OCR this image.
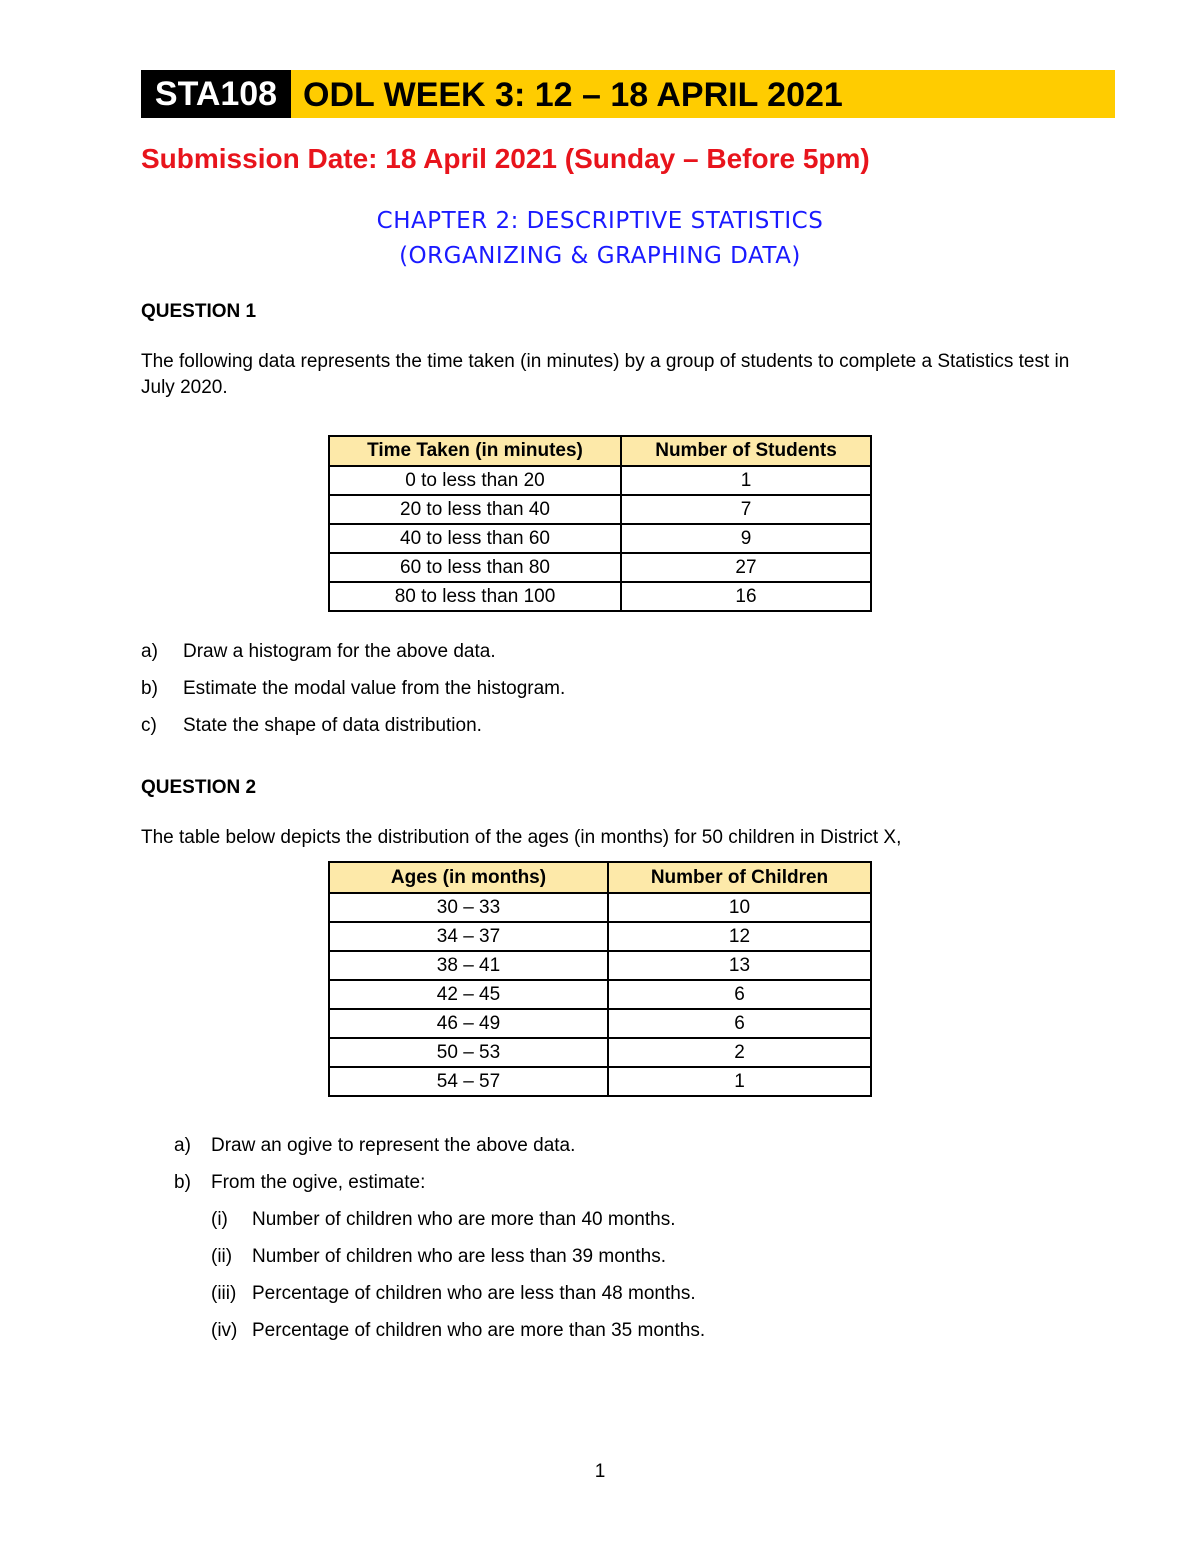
STA108 ODL WEEK 3: 12 – 18 APRIL 2021
Submission Date: 18 April 2021 (Sunday – Before 5pm)
CHAPTER 2: DESCRIPTIVE STATISTICS
(ORGANIZING & GRAPHING DATA)
QUESTION 1
The following data represents the time taken (in minutes) by a group of students to complete a Statistics test in July 2020.
Time Taken (in minutes)	Number of Students
0 to less than 20	1
20 to less than 40	7
40 to less than 60	9
60 to less than 80	27
80 to less than 100	16
a) Draw a histogram for the above data.
b) Estimate the modal value from the histogram.
c) State the shape of data distribution.
QUESTION 2
The table below depicts the distribution of the ages (in months) for 50 children in District X,
Ages (in months)	Number of Children
30 – 33	10
34 – 37	12
38 – 41	13
42 – 45	6
46 – 49	6
50 – 53	2
54 – 57	1
a) Draw an ogive to represent the above data.
b) From the ogive, estimate:
(i) Number of children who are more than 40 months.
(ii) Number of children who are less than 39 months.
(iii) Percentage of children who are less than 48 months.
(iv) Percentage of children who are more than 35 months.
1
